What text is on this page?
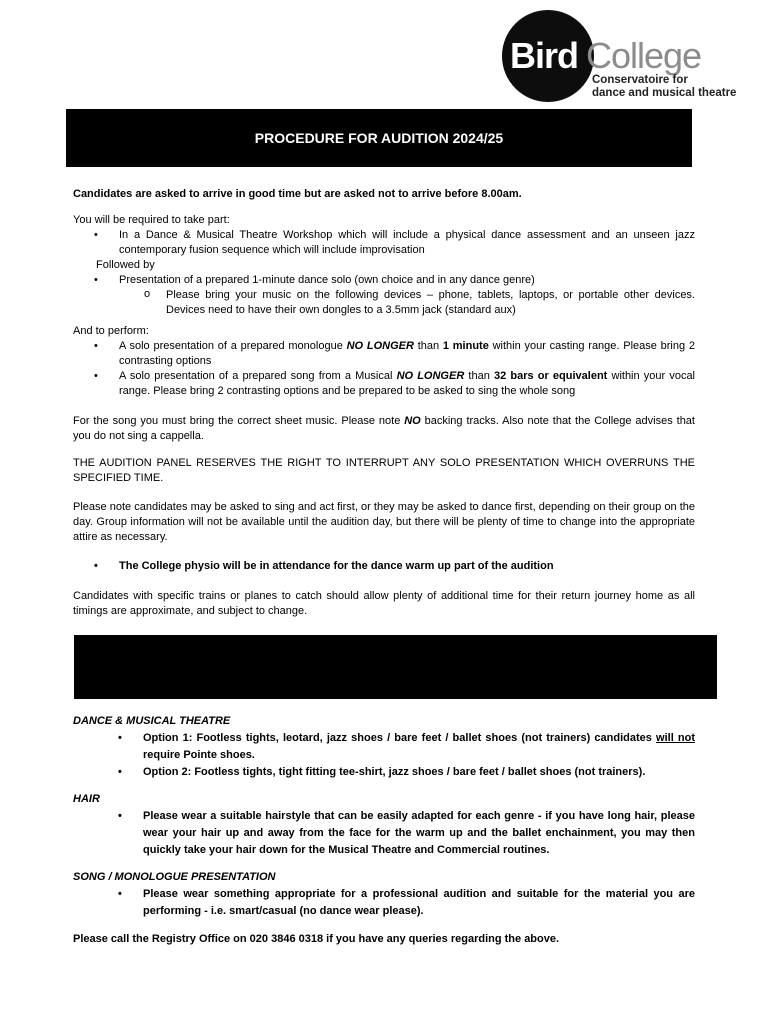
Bird College
Conservatoire for
dance and musical theatre
PROCEDURE FOR AUDITION 2024/25

Candidates are asked to arrive in good time but are asked not to arrive before 8.00am.

You will be required to take part:

• In a Dance & Musical Theatre Workshop which will include a physical dance assessment and an unseen jazz contemporary fusion sequence which will include improvisation

Followed by

• Presentation of a prepared 1-minute dance solo (own choice and in any dance genre)
o Please bring your music on the following devices – phone, tablets, laptops, or portable other devices. Devices need to have their own dongles to a 3.5mm jack (standard aux)

And to perform:

• A solo presentation of a prepared monologue NO LONGER than 1 minute within your casting range. Please bring 2 contrasting options
• A solo presentation of a prepared song from a Musical NO LONGER than 32 bars or equivalent within your vocal range. Please bring 2 contrasting options and be prepared to be asked to sing the whole song

For the song you must bring the correct sheet music. Please note NO backing tracks. Also note that the College advises that you do not sing a cappella.

THE AUDITION PANEL RESERVES THE RIGHT TO INTERRUPT ANY SOLO PRESENTATION WHICH OVERRUNS THE SPECIFIED TIME.

Please note candidates may be asked to sing and act first, or they may be asked to dance first, depending on their group on the day. Group information will not be available until the audition day, but there will be plenty of time to change into the appropriate attire as necessary.

• The College physio will be in attendance for the dance warm up part of the audition

Candidates with specific trains or planes to catch should allow plenty of additional time for their return journey home as all timings are approximate, and subject to change.

DANCE & MUSICAL THEATRE

• Option 1: Footless tights, leotard, jazz shoes / bare feet / ballet shoes (not trainers) candidates will not require Pointe shoes.
• Option 2: Footless tights, tight fitting tee-shirt, jazz shoes / bare feet / ballet shoes (not trainers).

HAIR

• Please wear a suitable hairstyle that can be easily adapted for each genre - if you have long hair, please wear your hair up and away from the face for the warm up and the ballet enchainment, you may then quickly take your hair down for the Musical Theatre and Commercial routines.

SONG / MONOLOGUE PRESENTATION

• Please wear something appropriate for a professional audition and suitable for the material you are performing - i.e. smart/casual (no dance wear please).

Please call the Registry Office on 020 3846 0318 if you have any queries regarding the above.
